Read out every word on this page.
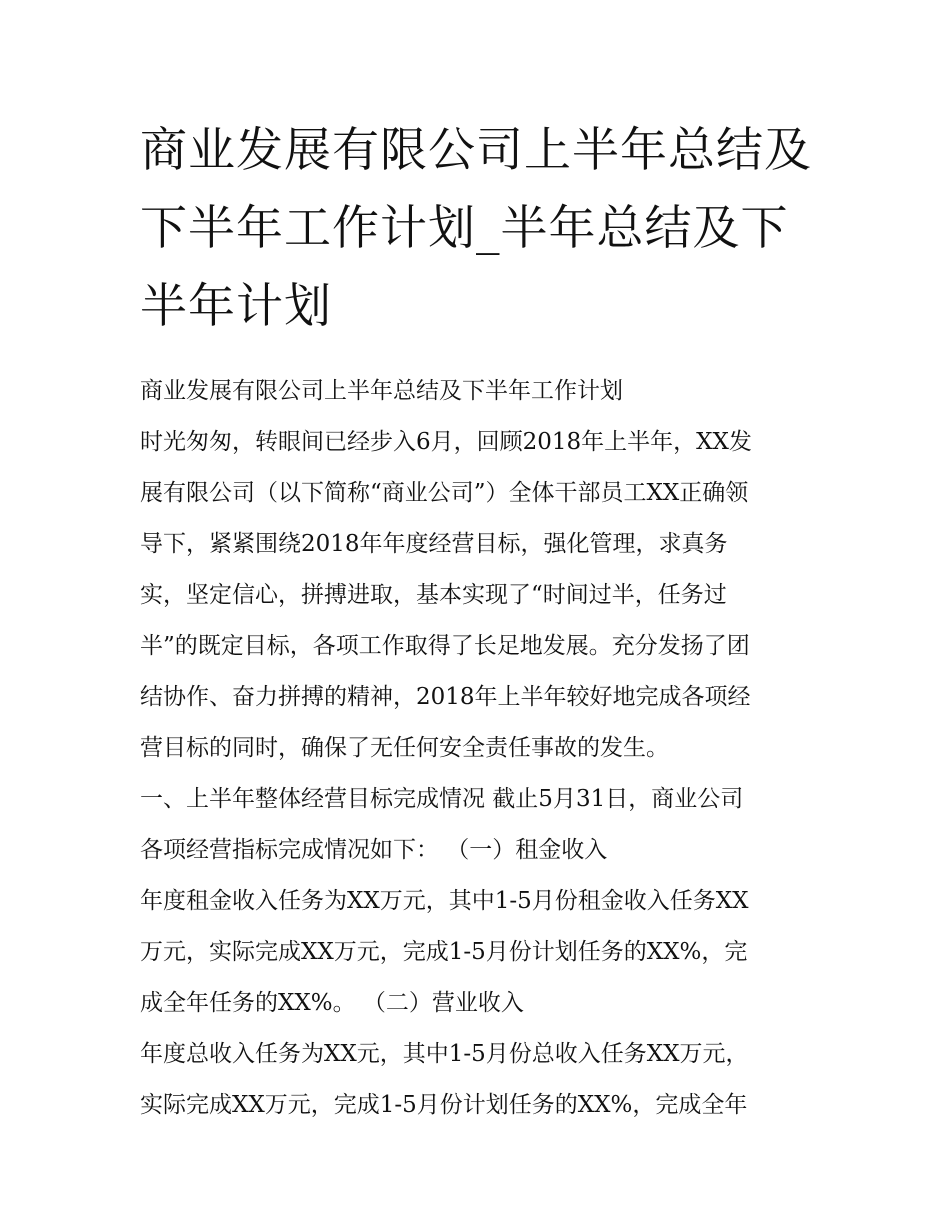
商业发展有限公司上半年总结及下半年工作计划_半年总结及下半年计划

商业发展有限公司上半年总结及下半年工作计划

时光匆匆，转眼间已经步入6月，回顾2018年上半年，XX发

展有限公司（以下简称“商业公司”）全体干部员工XX正确领

导下，紧紧围绕2018年年度经营目标，强化管理，求真务

实，坚定信心，拼搏进取，基本实现了“时间过半，任务过

半”的既定目标，各项工作取得了长足地发展。充分发扬了团

结协作、奋力拼搏的精神，2018年上半年较好地完成各项经

营目标的同时，确保了无任何安全责任事故的发生。

一、上半年整体经营目标完成情况 截止5月31日，商业公司

各项经营指标完成情况如下： （一）租金收入

年度租金收入任务为XX万元，其中1-5月份租金收入任务XX

万元，实际完成XX万元，完成1-5月份计划任务的XX%，完

成全年任务的XX%。 （二）营业收入

年度总收入任务为XX元，其中1-5月份总收入任务XX万元，

实际完成XX万元，完成1-5月份计划任务的XX%，完成全年
